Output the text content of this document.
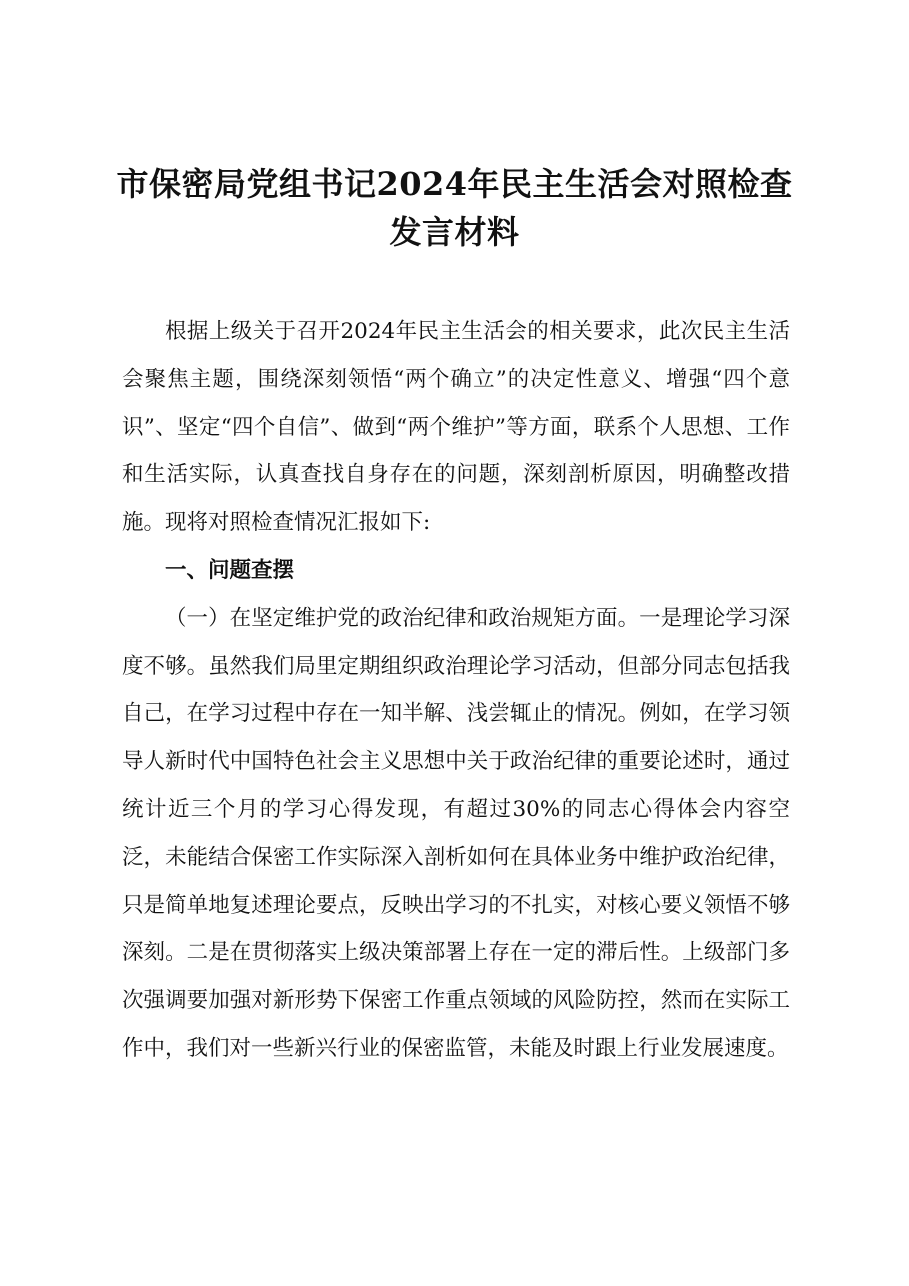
市保密局党组书记2024年民主生活会对照检查
发言材料

根据上级关于召开2024年民主生活会的相关要求，此次民主生活会聚焦主题，围绕深刻领悟“两个确立”的决定性意义、增强“四个意识”、坚定“四个自信”、做到“两个维护”等方面，联系个人思想、工作和生活实际，认真查找自身存在的问题，深刻剖析原因，明确整改措施。现将对照检查情况汇报如下:

一、问题查摆

（一）在坚定维护党的政治纪律和政治规矩方面。一是理论学习深度不够。虽然我们局里定期组织政治理论学习活动，但部分同志包括我自己，在学习过程中存在一知半解、浅尝辄止的情况。例如，在学习领导人新时代中国特色社会主义思想中关于政治纪律的重要论述时，通过统计近三个月的学习心得发现，有超过30%的同志心得体会内容空泛，未能结合保密工作实际深入剖析如何在具体业务中维护政治纪律，只是简单地复述理论要点，反映出学习的不扎实，对核心要义领悟不够深刻。二是在贯彻落实上级决策部署上存在一定的滞后性。上级部门多次强调要加强对新形势下保密工作重点领域的风险防控，然而在实际工作中，我们对一些新兴行业的保密监管，未能及时跟上行业发展速度。
